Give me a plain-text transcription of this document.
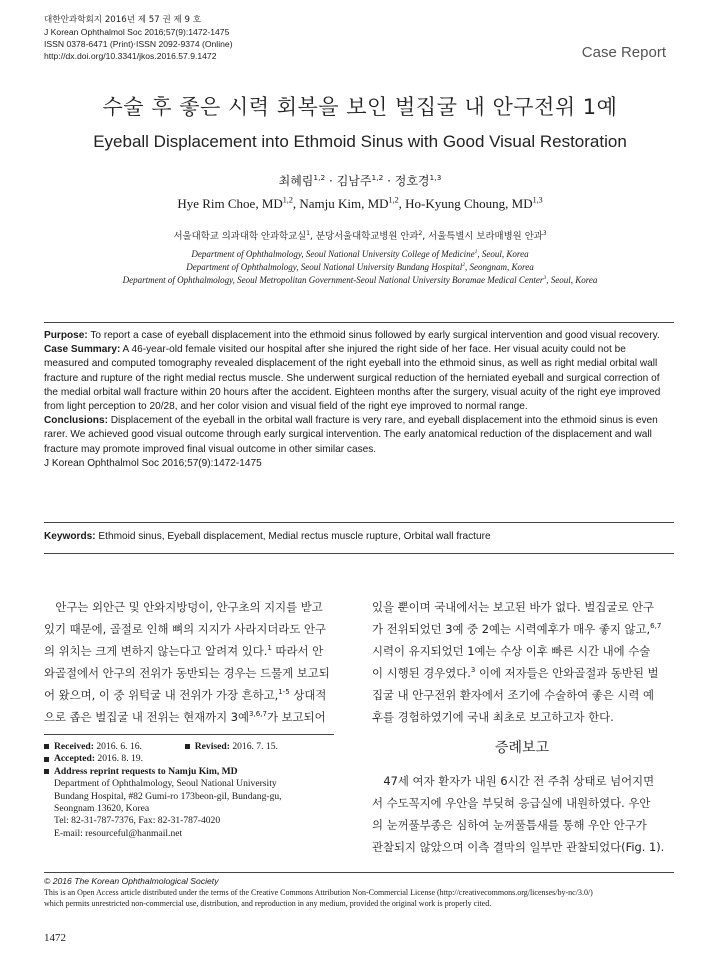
대한안과학회지 2016년 제 57 권 제 9 호
J Korean Ophthalmol Soc 2016;57(9):1472-1475
ISSN 0378-6471 (Print)⋅ISSN 2092-9374 (Online)
http://dx.doi.org/10.3341/jkos.2016.57.9.1472	Case Report
수술 후 좋은 시력 회복을 보인 벌집굴 내 안구전위 1예
Eyeball Displacement into Ethmoid Sinus with Good Visual Restoration
최혜림$^{1,2}$ ⋅ 김남주$^{1,2}$ ⋅ 정호경$^{1,3}$
Hye Rim Choe, MD$^{1,2}$, Namju Kim, MD$^{1,2}$, Ho-Kyung Choung, MD$^{1,3}$
서울대학교 의과대학 안과학교실$^1$, 분당서울대학교병원 안과$^2$, 서울특별시 보라매병원 안과$^3$
Department of Ophthalmology, Seoul National University College of Medicine$^1$, Seoul, Korea
Department of Ophthalmology, Seoul National University Bundang Hospital$^2$, Seongnam, Korea
Department of Ophthalmology, Seoul Metropolitan Government-Seoul National University Boramae Medical Center$^3$, Seoul, Korea

Purpose: To report a case of eyeball displacement into the ethmoid sinus followed by early surgical intervention and good visual recovery.

Case Summary: A 46-year-old female visited our hospital after she injured the right side of her face. Her visual acuity could not be measured and computed tomography revealed displacement of the right eyeball into the ethmoid sinus, as well as right medial orbital wall fracture and rupture of the right medial rectus muscle. She underwent surgical reduction of the herniated eyeball and surgical correction of the medial orbital wall fracture within 20 hours after the accident. Eighteen months after the surgery, visual acuity of the right eye improved from light perception to 20/28, and her color vision and visual field of the right eye improved to normal range.

Conclusions: Displacement of the eyeball in the orbital wall fracture is very rare, and eyeball displacement into the ethmoid sinus is even rarer. We achieved good visual outcome through early surgical intervention. The early anatomical reduction of the displacement and wall fracture may promote improved final visual outcome in other similar cases.

J Korean Ophthalmol Soc 2016;57(9):1472-1475

Keywords: Ethmoid sinus, Eyeball displacement, Medial rectus muscle rupture, Orbital wall fracture
　안구는 외안근 및 안와지방덩이, 안구초의 지지를 받고
있기 때문에, 골절로 인해 뼈의 지지가 사라지더라도 안구
의 위치는 크게 변하지 않는다고 알려져 있다.$^1$ 따라서 안
와골절에서 안구의 전위가 동반되는 경우는 드물게 보고되
어 왔으며, 이 중 위턱굴 내 전위가 가장 흔하고,$^{1-5}$ 상대적
으로 좁은 벌집굴 내 전위는 현재까지 3예$^{3,6,7}$가 보고되어
있을 뿐이며 국내에서는 보고된 바가 없다. 벌집굴로 안구
가 전위되었던 3예 중 2예는 시력예후가 매우 좋지 않고,$^{6,7}$
시력이 유지되었던 1예는 수상 이후 빠른 시간 내에 수술
이 시행된 경우였다.$^3$ 이에 저자들은 안와골절과 동반된 벌
집굴 내 안구전위 환자에서 조기에 수술하여 좋은 시력 예
후를 경험하였기에 국내 최초로 보고하고자 한다.
증례보고
　47세 여자 환자가 내원 6시간 전 주취 상태로 넘어지면
서 수도꼭지에 우안을 부딪혀 응급실에 내원하였다. 우안
의 눈꺼풀부종은 심하여 눈꺼풀틈새를 통해 우안 안구가
관찰되지 않았으며 이측 결막의 일부만 관찰되었다(Fig. 1).
Received: 2016. 6. 16.	Revised: 2016. 7. 15.
Accepted: 2016. 8. 19.
Address reprint requests to Namju Kim, MD
Department of Ophthalmology, Seoul National University
Bundang Hospital, #82 Gumi-ro 173beon-gil, Bundang-gu,
Seongnam 13620, Korea
Tel: 82-31-787-7376, Fax: 82-31-787-4020
E-mail: resourceful@hanmail.net
© 2016 The Korean Ophthalmological Society
This is an Open Access article distributed under the terms of the Creative Commons Attribution Non-Commercial License (http://creativecommons.org/licenses/by-nc/3.0/)
which permits unrestricted non-commercial use, distribution, and reproduction in any medium, provided the original work is properly cited.
1472
